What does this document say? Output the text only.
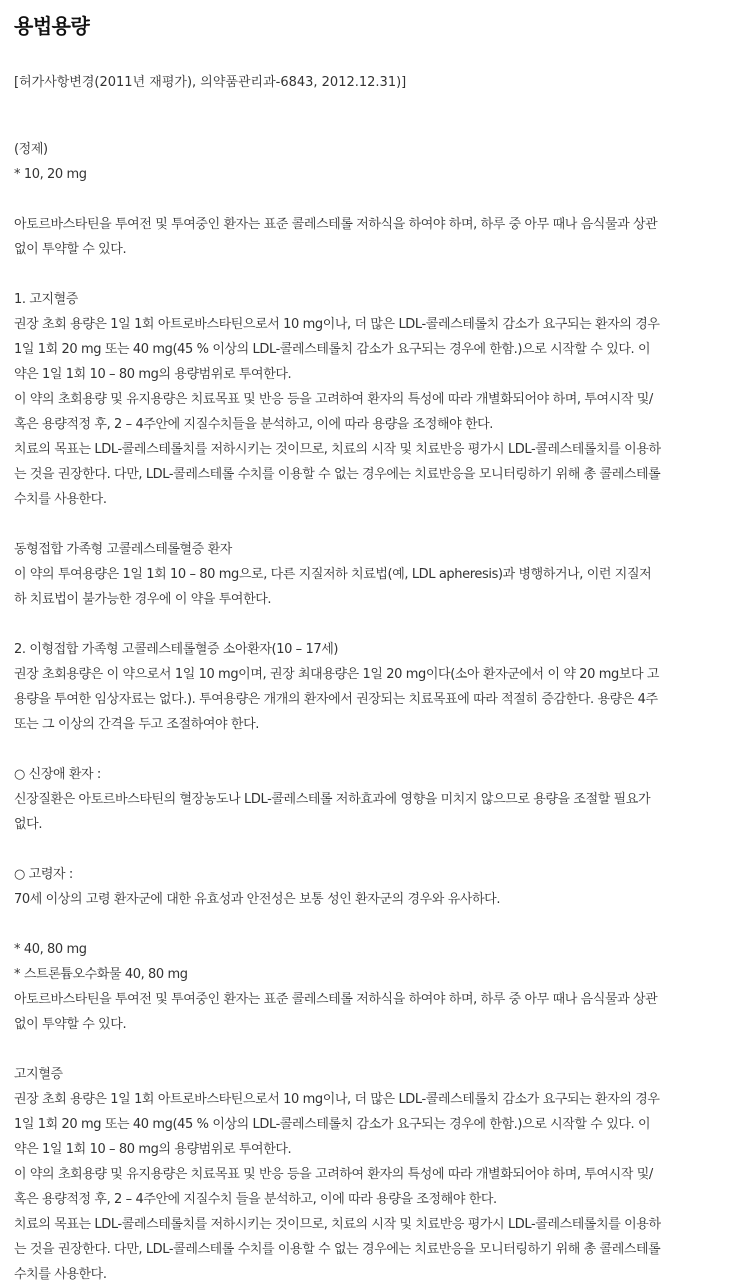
용법용량
[허가사항변경(2011년 재평가), 의약품관리과-6843, 2012.12.31)]
(정제)
* 10, 20 mg
아토르바스타틴을 투여전 및 투여중인 환자는 표준 콜레스테롤 저하식을 하여야 하며, 하루 중 아무 때나 음식물과 상관
없이 투약할 수 있다.
1. 고지혈증
권장 초회 용량은 1일 1회 아트로바스타틴으로서 10 mg이나, 더 많은 LDL-콜레스테롤치 감소가 요구되는 환자의 경우
1일 1회 20 mg 또는 40 mg(45 % 이상의 LDL-콜레스테롤치 감소가 요구되는 경우에 한함.)으로 시작할 수 있다. 이
약은 1일 1회 10 – 80 mg의 용량범위로 투여한다.
이 약의 초회용량 및 유지용량은 치료목표 및 반응 등을 고려하여 환자의 특성에 따라 개별화되어야 하며, 투여시작 및/
혹은 용량적정 후, 2 – 4주안에 지질수치들을 분석하고, 이에 따라 용량을 조정해야 한다.
치료의 목표는 LDL-콜레스테롤치를 저하시키는 것이므로, 치료의 시작 및 치료반응 평가시 LDL-콜레스테롤치를 이용하
는 것을 권장한다. 다만, LDL-콜레스테롤 수치를 이용할 수 없는 경우에는 치료반응을 모니터링하기 위해 총 콜레스테롤
수치를 사용한다.
동형접합 가족형 고콜레스테롤혈증 환자
이 약의 투여용량은 1일 1회 10 – 80 mg으로, 다른 지질저하 치료법(예, LDL apheresis)과 병행하거나, 이런 지질저
하 치료법이 불가능한 경우에 이 약을 투여한다.
2. 이형접합 가족형 고콜레스테롤혈증 소아환자(10 – 17세)
권장 초회용량은 이 약으로서 1일 10 mg이며, 권장 최대용량은 1일 20 mg이다(소아 환자군에서 이 약 20 mg보다 고
용량을 투여한 임상자료는 없다.). 투여용량은 개개의 환자에서 권장되는 치료목표에 따라 적절히 증감한다. 용량은 4주
또는 그 이상의 간격을 두고 조절하여야 한다.
○ 신장애 환자 :
신장질환은 아토르바스타틴의 혈장농도나 LDL-콜레스테롤 저하효과에 영향을 미치지 않으므로 용량을 조절할 필요가
없다.
○ 고령자 :
70세 이상의 고령 환자군에 대한 유효성과 안전성은 보통 성인 환자군의 경우와 유사하다.
* 40, 80 mg
* 스트론튬오수화물 40, 80 mg
아토르바스타틴을 투여전 및 투여중인 환자는 표준 콜레스테롤 저하식을 하여야 하며, 하루 중 아무 때나 음식물과 상관
없이 투약할 수 있다.
고지혈증
권장 초회 용량은 1일 1회 아트로바스타틴으로서 10 mg이나, 더 많은 LDL-콜레스테롤치 감소가 요구되는 환자의 경우
1일 1회 20 mg 또는 40 mg(45 % 이상의 LDL-콜레스테롤치 감소가 요구되는 경우에 한함.)으로 시작할 수 있다. 이
약은 1일 1회 10 – 80 mg의 용량범위로 투여한다.
이 약의 초회용량 및 유지용량은 치료목표 및 반응 등을 고려하여 환자의 특성에 따라 개별화되어야 하며, 투여시작 및/
혹은 용량적정 후, 2 – 4주안에 지질수치 들을 분석하고, 이에 따라 용량을 조정해야 한다.
치료의 목표는 LDL-콜레스테롤치를 저하시키는 것이므로, 치료의 시작 및 치료반응 평가시 LDL-콜레스테롤치를 이용하
는 것을 권장한다. 다만, LDL-콜레스테롤 수치를 이용할 수 없는 경우에는 치료반응을 모니터링하기 위해 총 콜레스테롤
수치를 사용한다.
